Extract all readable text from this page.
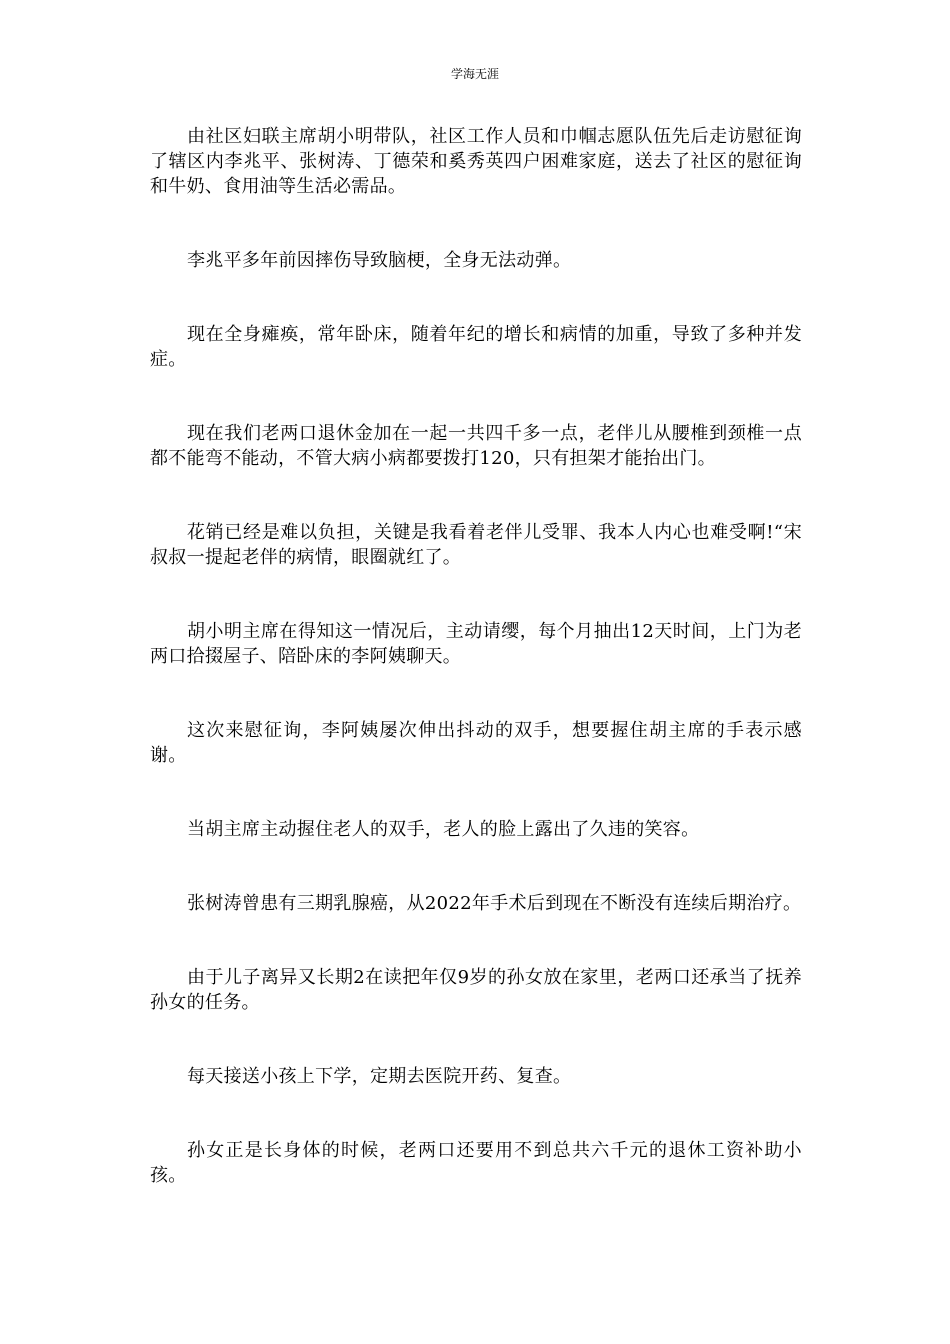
学海无涯

由社区妇联主席胡小明带队，社区工作人员和巾帼志愿队伍先后走访慰征询了辖区内李兆平、张树涛、丁德荣和奚秀英四户困难家庭，送去了社区的慰征询和牛奶、食用油等生活必需品。

李兆平多年前因摔伤导致脑梗，全身无法动弹。

现在全身瘫痪，常年卧床，随着年纪的增长和病情的加重，导致了多种并发症。

现在我们老两口退休金加在一起一共四千多一点，老伴儿从腰椎到颈椎一点都不能弯不能动，不管大病小病都要拨打120，只有担架才能抬出门。

花销已经是难以负担，关键是我看着老伴儿受罪、我本人内心也难受啊!“宋叔叔一提起老伴的病情，眼圈就红了。

胡小明主席在得知这一情况后，主动请缨，每个月抽出12天时间，上门为老两口拾掇屋子、陪卧床的李阿姨聊天。

这次来慰征询，李阿姨屡次伸出抖动的双手，想要握住胡主席的手表示感谢。

当胡主席主动握住老人的双手，老人的脸上露出了久违的笑容。

张树涛曾患有三期乳腺癌，从2022年手术后到现在不断没有连续后期治疗。

由于儿子离异又长期2在读把年仅9岁的孙女放在家里，老两口还承当了抚养孙女的任务。

每天接送小孩上下学，定期去医院开药、复查。

孙女正是长身体的时候，老两口还要用不到总共六千元的退休工资补助小孩。
